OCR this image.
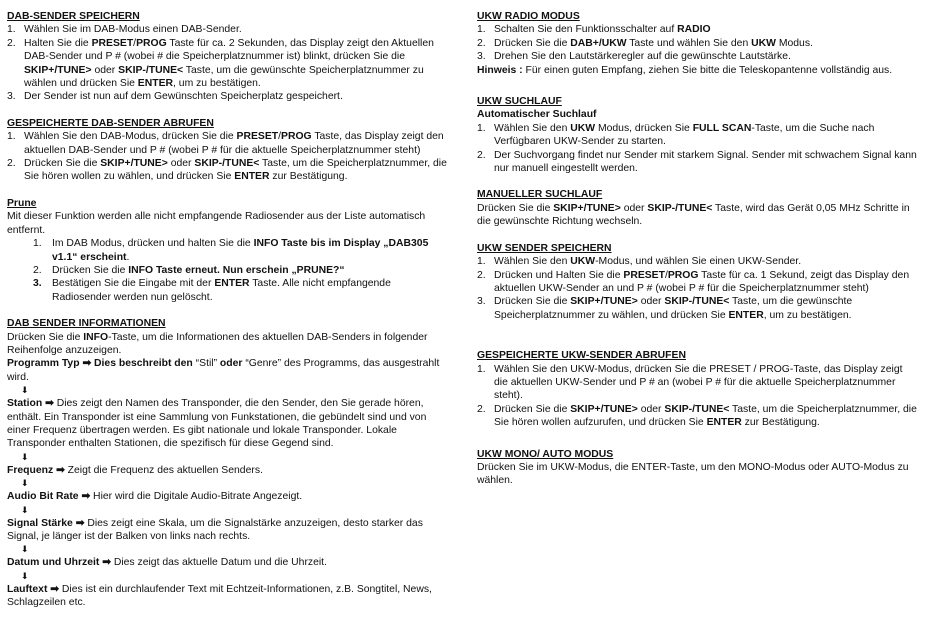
DAB-SENDER SPEICHERN
1. Wählen Sie im DAB-Modus einen DAB-Sender.
2. Halten Sie die PRESET/PROG Taste für ca. 2 Sekunden, das Display zeigt den Aktuellen DAB-Sender und P # (wobei # die Speicherplatznummer ist) blinkt, drücken Sie die SKIP+/TUNE> oder SKIP-/TUNE< Taste, um die gewünschte Speicherplatznummer zu wählen und drücken Sie ENTER, um zu bestätigen.
3. Der Sender ist nun auf dem Gewünschten Speicherplatz gespeichert.
GESPEICHERTE DAB-SENDER ABRUFEN
1. Wählen Sie den DAB-Modus, drücken Sie die PRESET/PROG Taste, das Display zeigt den aktuellen DAB-Sender und P # (wobei P # für die aktuelle Speicherplatznummer steht)
2. Drücken Sie die SKIP+/TUNE> oder SKIP-/TUNE< Taste, um die Speicherplatznummer, die Sie hören wollen zu wählen, und drücken Sie ENTER zur Bestätigung.
Prune
Mit dieser Funktion werden alle nicht empfangende Radiosender aus der Liste automatisch entfernt.
1. Im DAB Modus, drücken und halten Sie die INFO Taste bis im Display „DAB305 v1.1“ erscheint.
2. Drücken Sie die INFO Taste erneut. Nun erschein „PRUNE?“
3. Bestätigen Sie die Eingabe mit der ENTER Taste. Alle nicht empfangende Radiosender werden nun gelöscht.
DAB SENDER INFORMATIONEN
Drücken Sie die INFO-Taste, um die Informationen des aktuellen DAB-Senders in folgender Reihenfolge anzuzeigen.
Programm Typ ➡ Dies beschreibt den “Stil” oder “Genre” des Programms, das ausgestrahlt wird.
⬇
Station ➡ Dies zeigt den Namen des Transponder, die den Sender, den Sie gerade hören, enthält. Ein Transponder ist eine Sammlung von Funkstationen, die gebündelt sind und von einer Frequenz übertragen werden. Es gibt nationale und lokale Transponder. Lokale Transponder enthalten Stationen, die spezifisch für diese Gegend sind.
⬇
Frequenz ➡ Zeigt die Frequenz des aktuellen Senders.
⬇
Audio Bit Rate ➡ Hier wird die Digitale Audio-Bitrate Angezeigt.
⬇
Signal Stärke ➡ Dies zeigt eine Skala, um die Signalstärke anzuzeigen, desto starker das Signal, je länger ist der Balken von links nach rechts.
⬇
Datum und Uhrzeit ➡ Dies zeigt das aktuelle Datum und die Uhrzeit.
⬇
Lauftext ➡ Dies ist ein durchlaufender Text mit Echtzeit-Informationen, z.B. Songtitel, News, Schlagzeilen etc.
UKW RADIO MODUS
1. Schalten Sie den Funktionsschalter auf RADIO
2. Drücken Sie die DAB+/UKW Taste und wählen Sie den UKW Modus.
3. Drehen Sie den Lautstärkeregler auf die gewünschte Lautstärke.
Hinweis : Für einen guten Empfang, ziehen Sie bitte die Teleskopantenne vollständig aus.
UKW SUCHLAUF
Automatischer Suchlauf
1. Wählen Sie den UKW Modus, drücken Sie FULL SCAN-Taste, um die Suche nach Verfügbaren UKW-Sender zu starten.
2. Der Suchvorgang findet nur Sender mit starkem Signal. Sender mit schwachem Signal kann nur manuell eingestellt werden.
MANUELLER SUCHLAUF
Drücken Sie die SKIP+/TUNE> oder SKIP-/TUNE< Taste, wird das Gerät 0,05 MHz Schritte in die gewünschte Richtung wechseln.
UKW SENDER SPEICHERN
1. Wählen Sie den UKW-Modus, und wählen Sie einen UKW-Sender.
2. Drücken und Halten Sie die PRESET/PROG Taste für ca. 1 Sekund, zeigt das Display den aktuellen UKW-Sender an und P # (wobei P # für die Speicherplatznummer steht)
3. Drücken Sie die SKIP+/TUNE> oder SKIP-/TUNE< Taste, um die gewünschte Speicherplatznummer zu wählen, und drücken Sie ENTER, um zu bestätigen.
GESPEICHERTE UKW-SENDER ABRUFEN
1. Wählen Sie den UKW-Modus, drücken Sie die PRESET / PROG-Taste, das Display zeigt die aktuellen UKW-Sender und P # an (wobei P # für die aktuelle Speicherplatznummer steht).
2. Drücken Sie die SKIP+/TUNE> oder SKIP-/TUNE< Taste, um die Speicherplatznummer, die Sie hören wollen aufzurufen, und drücken Sie ENTER zur Bestätigung.
UKW MONO/ AUTO MODUS
Drücken Sie im UKW-Modus, die ENTER-Taste, um den MONO-Modus oder AUTO-Modus zu wählen.
